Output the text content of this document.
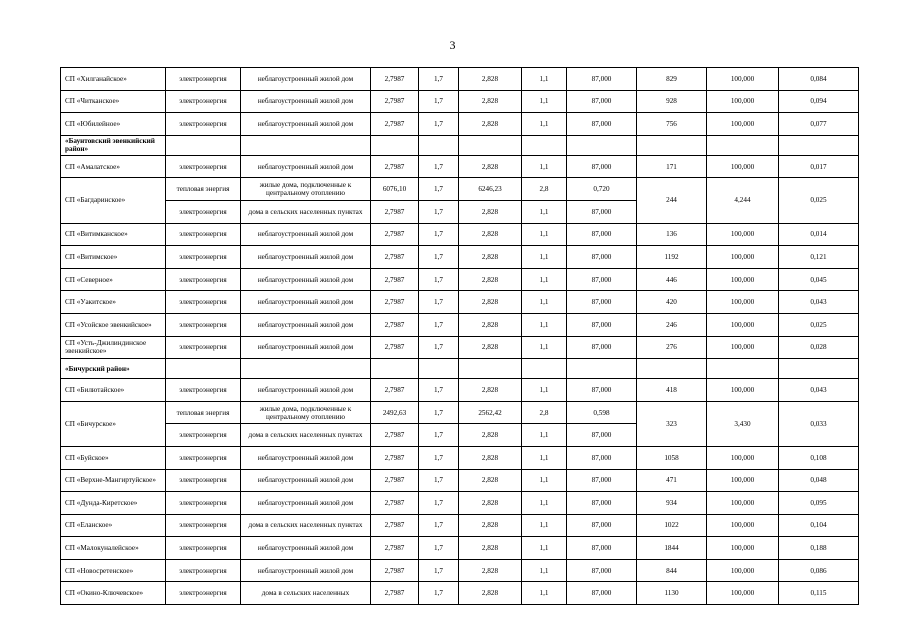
3
СП «Хилганайское»	электроэнергия	неблагоустроенный жилой дом	2,7987	1,7	2,828	1,1	87,000	829	100,000	0,084
СП «Читканское»	электроэнергия	неблагоустроенный жилой дом	2,7987	1,7	2,828	1,1	87,000	928	100,000	0,094
СП «Юбилейное»	электроэнергия	неблагоустроенный жилой дом	2,7987	1,7	2,828	1,1	87,000	756	100,000	0,077
«Баунтовский эвенкийский район»										
СП «Амалатское»	электроэнергия	неблагоустроенный жилой дом	2,7987	1,7	2,828	1,1	87,000	171	100,000	0,017
СП «Багдаринское»	тепловая энергия	жилые дома, подключенные к центральному отоплению	6076,10	1,7	6246,23	2,8	0,720	244	4,244	0,025
	электроэнергия	дома в сельских населенных пунктах	2,7987	1,7	2,828	1,1	87,000			
СП «Витимканское»	электроэнергия	неблагоустроенный жилой дом	2,7987	1,7	2,828	1,1	87,000	136	100,000	0,014
СП «Витимское»	электроэнергия	неблагоустроенный жилой дом	2,7987	1,7	2,828	1,1	87,000	1192	100,000	0,121
СП «Северное»	электроэнергия	неблагоустроенный жилой дом	2,7987	1,7	2,828	1,1	87,000	446	100,000	0,045
СП «Уакитское»	электроэнергия	неблагоустроенный жилой дом	2,7987	1,7	2,828	1,1	87,000	420	100,000	0,043
СП «Усойское эвенкийское»	электроэнергия	неблагоустроенный жилой дом	2,7987	1,7	2,828	1,1	87,000	246	100,000	0,025
СП «Усть-Джилиндинское эвенкийское»	электроэнергия	неблагоустроенный жилой дом	2,7987	1,7	2,828	1,1	87,000	276	100,000	0,028
«Бичурский район»										
СП «Билютайское»	электроэнергия	неблагоустроенный жилой дом	2,7987	1,7	2,828	1,1	87,000	418	100,000	0,043
СП «Бичурское»	тепловая энергия	жилые дома, подключенные к центральному отоплению	2492,63	1,7	2562,42	2,8	0,598	323	3,430	0,033
	электроэнергия	дома в сельских населенных пунктах	2,7987	1,7	2,828	1,1	87,000			
СП «Буйское»	электроэнергия	неблагоустроенный жилой дом	2,7987	1,7	2,828	1,1	87,000	1058	100,000	0,108
СП «Верхне-Мангиртуйское»	электроэнергия	неблагоустроенный жилой дом	2,7987	1,7	2,828	1,1	87,000	471	100,000	0,048
СП «Дунда-Киретское»	электроэнергия	неблагоустроенный жилой дом	2,7987	1,7	2,828	1,1	87,000	934	100,000	0,095
СП «Еланское»	электроэнергия	дома в сельских населенных пунктах	2,7987	1,7	2,828	1,1	87,000	1022	100,000	0,104
СП «Малокуналейское»	электроэнергия	неблагоустроенный жилой дом	2,7987	1,7	2,828	1,1	87,000	1844	100,000	0,188
СП «Новосретенское»	электроэнергия	неблагоустроенный жилой дом	2,7987	1,7	2,828	1,1	87,000	844	100,000	0,086
СП «Окино-Ключевское»	электроэнергия	дома в сельских населенных	2,7987	1,7	2,828	1,1	87,000	1130	100,000	0,115
